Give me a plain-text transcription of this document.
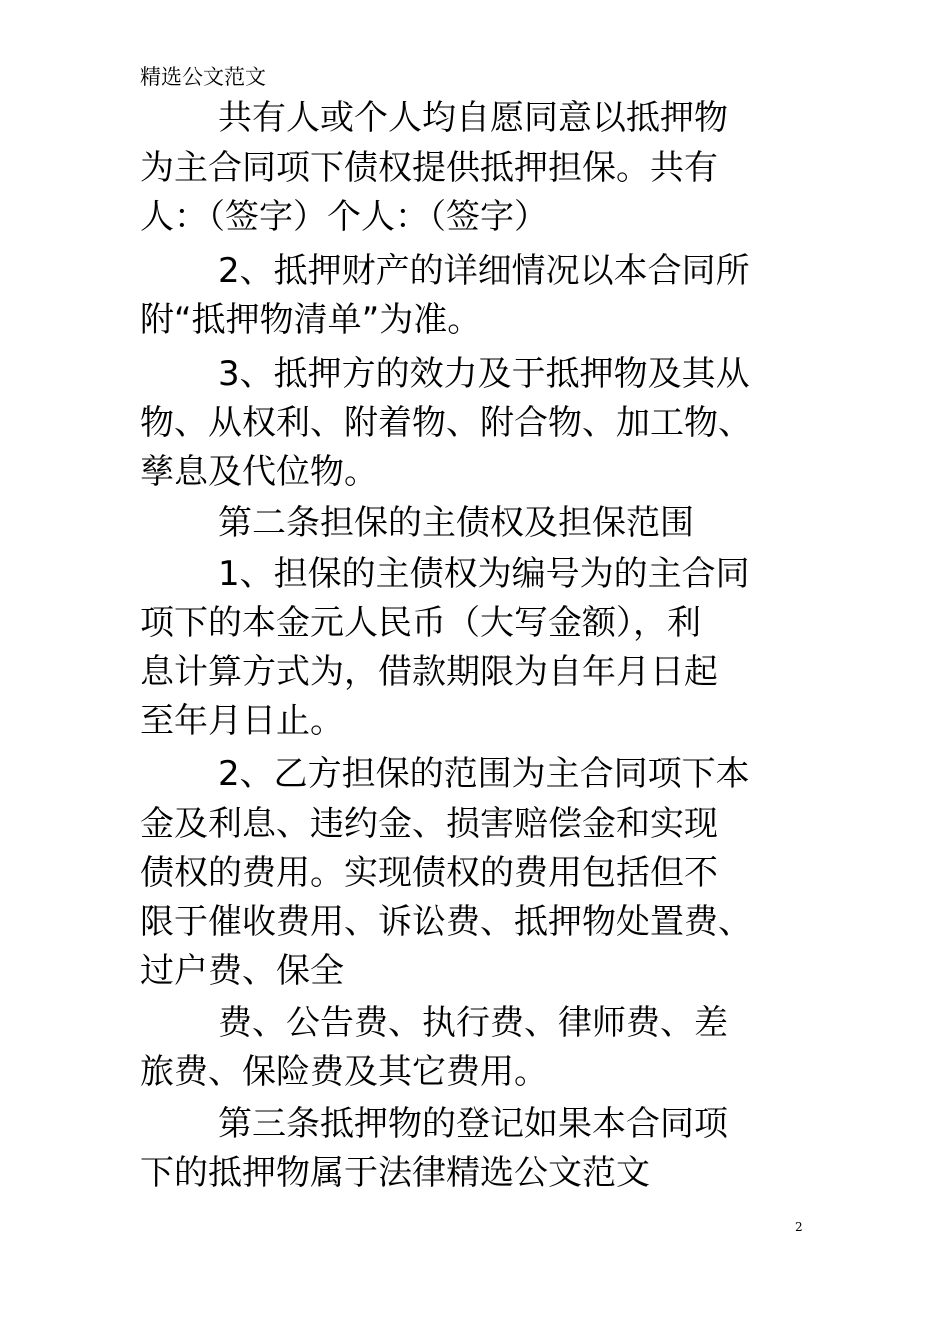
精选公文范文
共有人或个人均自愿同意以抵押物
为主合同项下债权提供抵押担保。共有
人：（签字）个人：（签字）
2、抵押财产的详细情况以本合同所
附“抵押物清单”为准。
3、抵押方的效力及于抵押物及其从
物、从权利、附着物、附合物、加工物、
孳息及代位物。
第二条担保的主债权及担保范围
1、担保的主债权为编号为的主合同
项下的本金元人民币（大写金额），利
息计算方式为，借款期限为自年月日起
至年月日止。
2、乙方担保的范围为主合同项下本
金及利息、违约金、损害赔偿金和实现
债权的费用。实现债权的费用包括但不
限于催收费用、诉讼费、抵押物处置费、
过户费、保全
费、公告费、执行费、律师费、差
旅费、保险费及其它费用。
第三条抵押物的登记如果本合同项
下的抵押物属于法律精选公文范文
2
